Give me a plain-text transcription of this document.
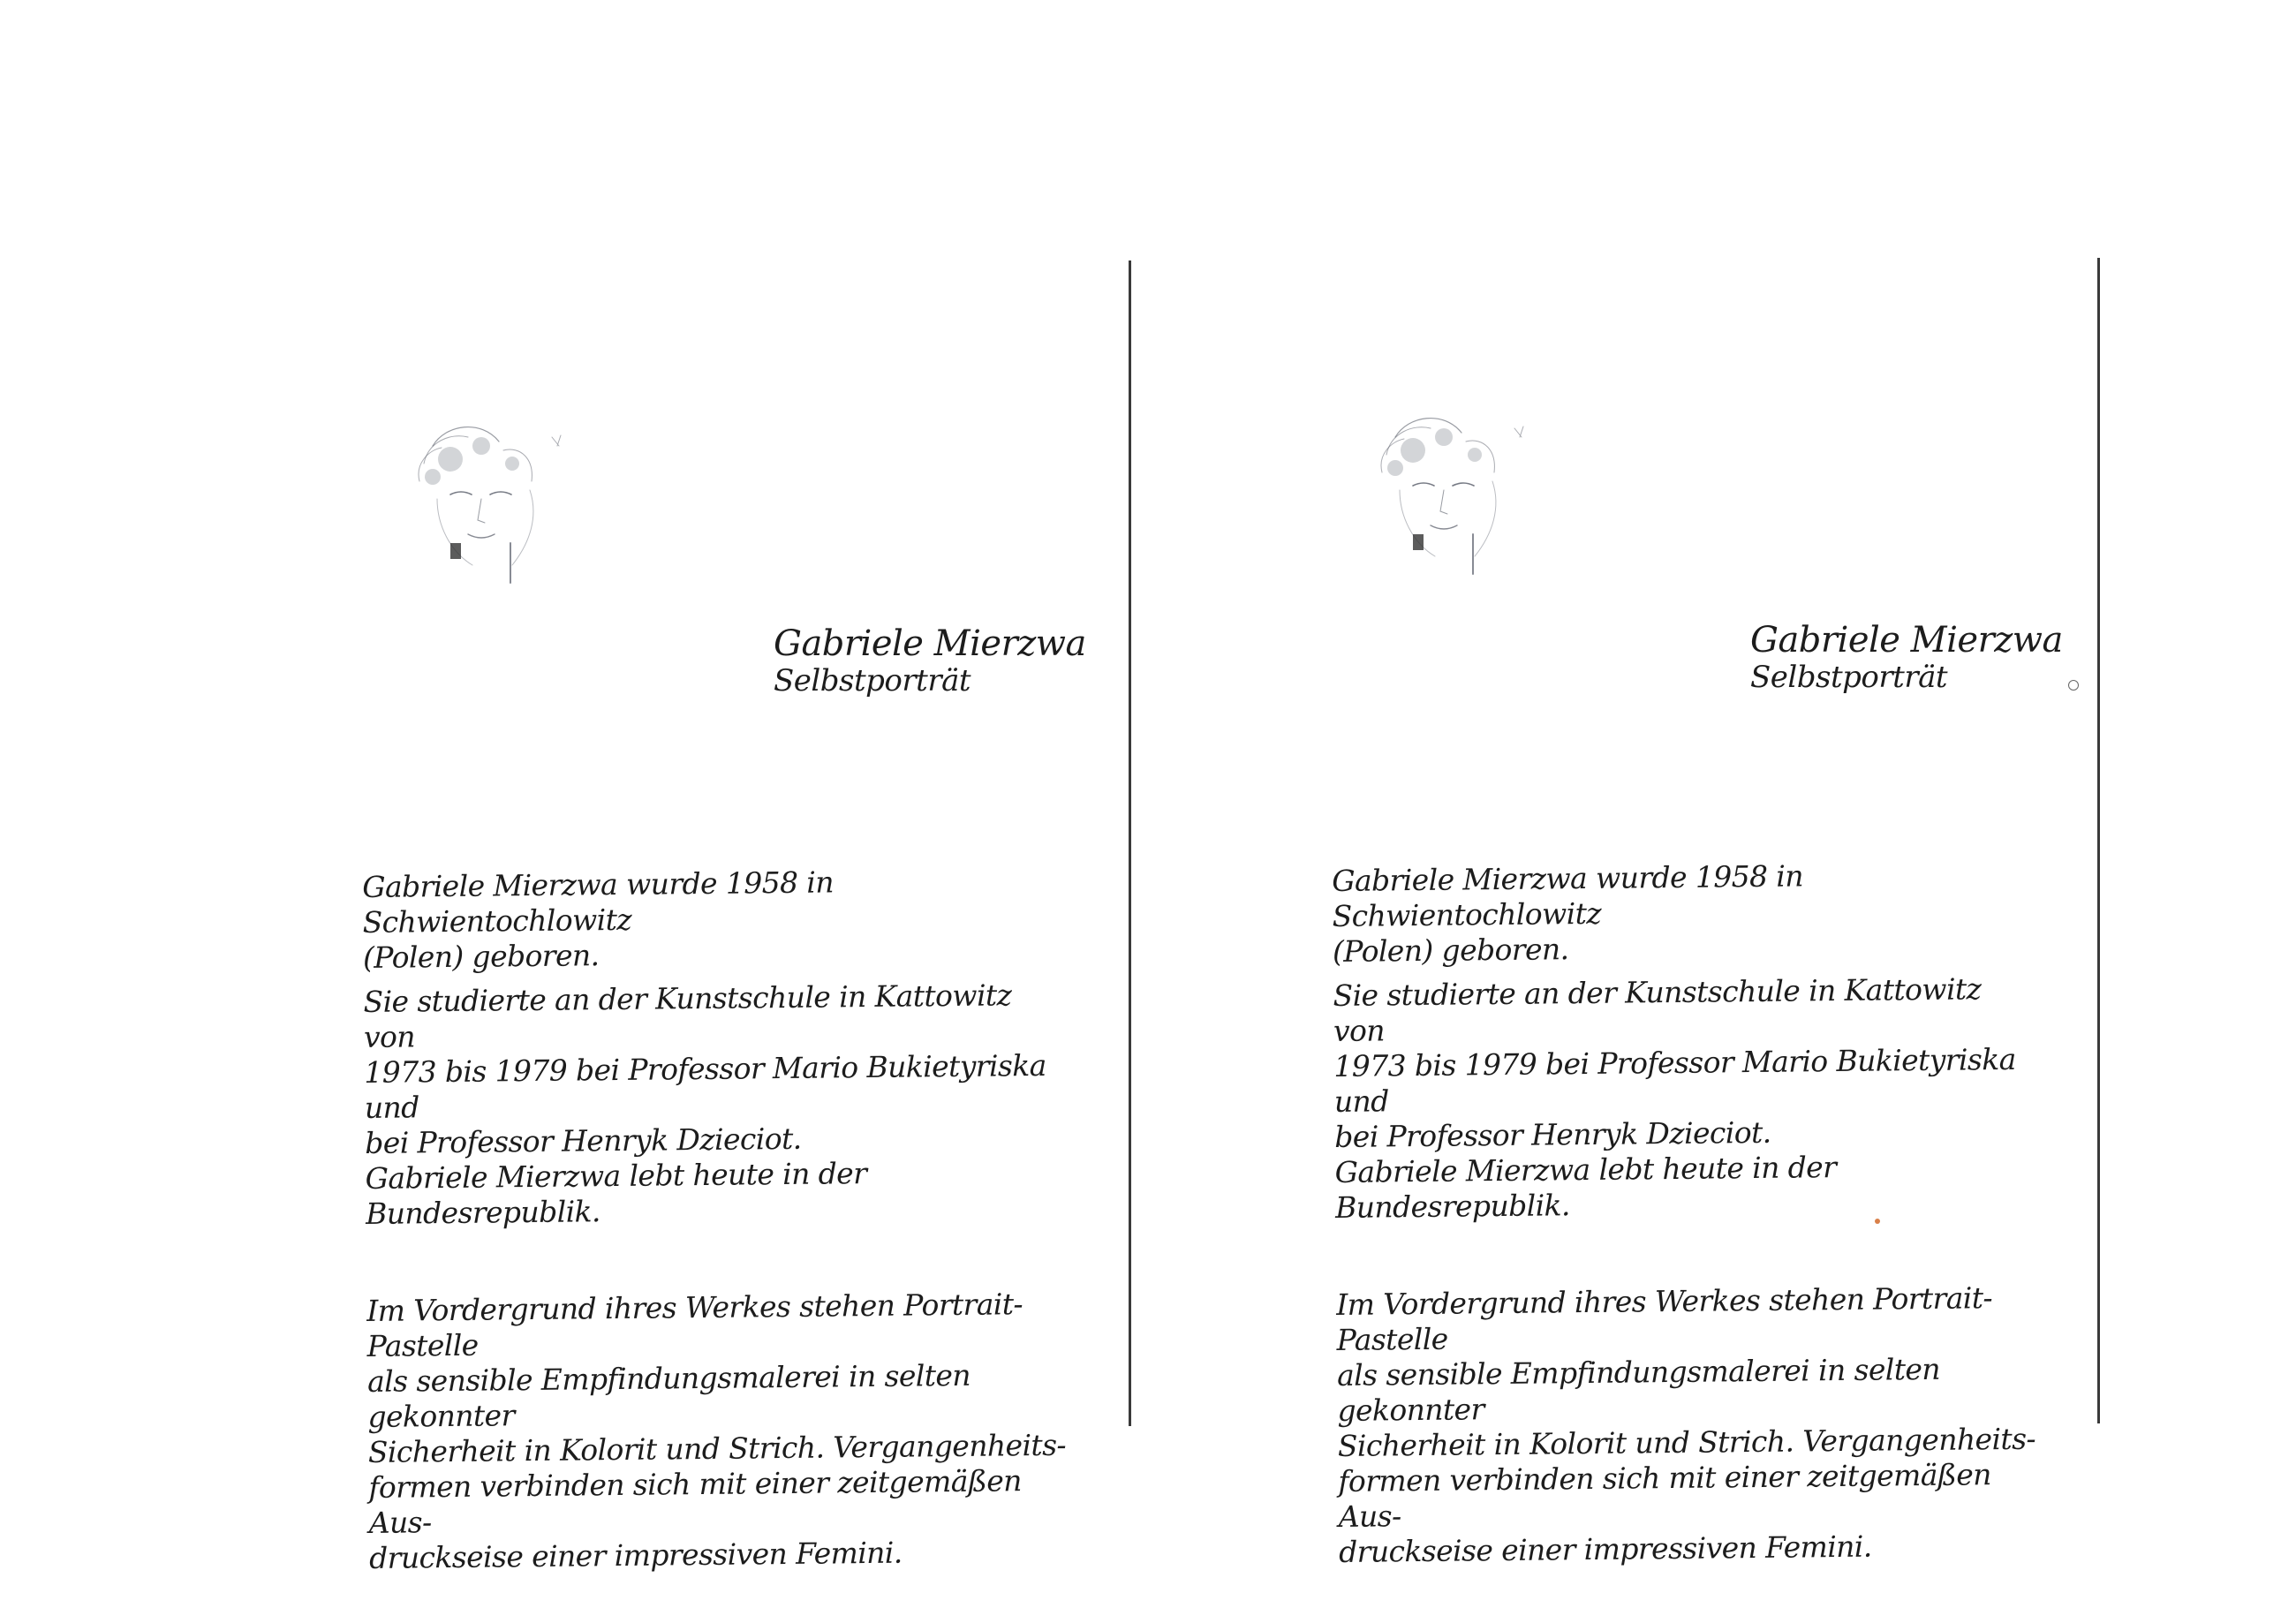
Gabriele Mierzwa
Selbstporträt

Gabriele Mierzwa wurde 1958 in Schwientochlowitz
(Polen) geboren.

Sie studierte an der Kunstschule in Kattowitz von
1973 bis 1979 bei Professor Mario Bukietyriska und
bei Professor Henryk Dzieciot.
Gabriele Mierzwa lebt heute in der Bundesrepublik.

Im Vordergrund ihres Werkes stehen Portrait-Pastelle
als sensible Empfindungsmalerei in selten gekonnter
Sicherheit in Kolorit und Strich. Vergangenheits-
formen verbinden sich mit einer zeitgemäßen Aus-
druckseise einer impressiven Femini.

Gabriele Mierzwa
Selbstporträt

Gabriele Mierzwa wurde 1958 in Schwientochlowitz
(Polen) geboren.

Sie studierte an der Kunstschule in Kattowitz von
1973 bis 1979 bei Professor Mario Bukietyriska und
bei Professor Henryk Dzieciot.
Gabriele Mierzwa lebt heute in der Bundesrepublik.

Im Vordergrund ihres Werkes stehen Portrait-Pastelle
als sensible Empfindungsmalerei in selten gekonnter
Sicherheit in Kolorit und Strich. Vergangenheits-
formen verbinden sich mit einer zeitgemäßen Aus-
druckseise einer impressiven Femini.
